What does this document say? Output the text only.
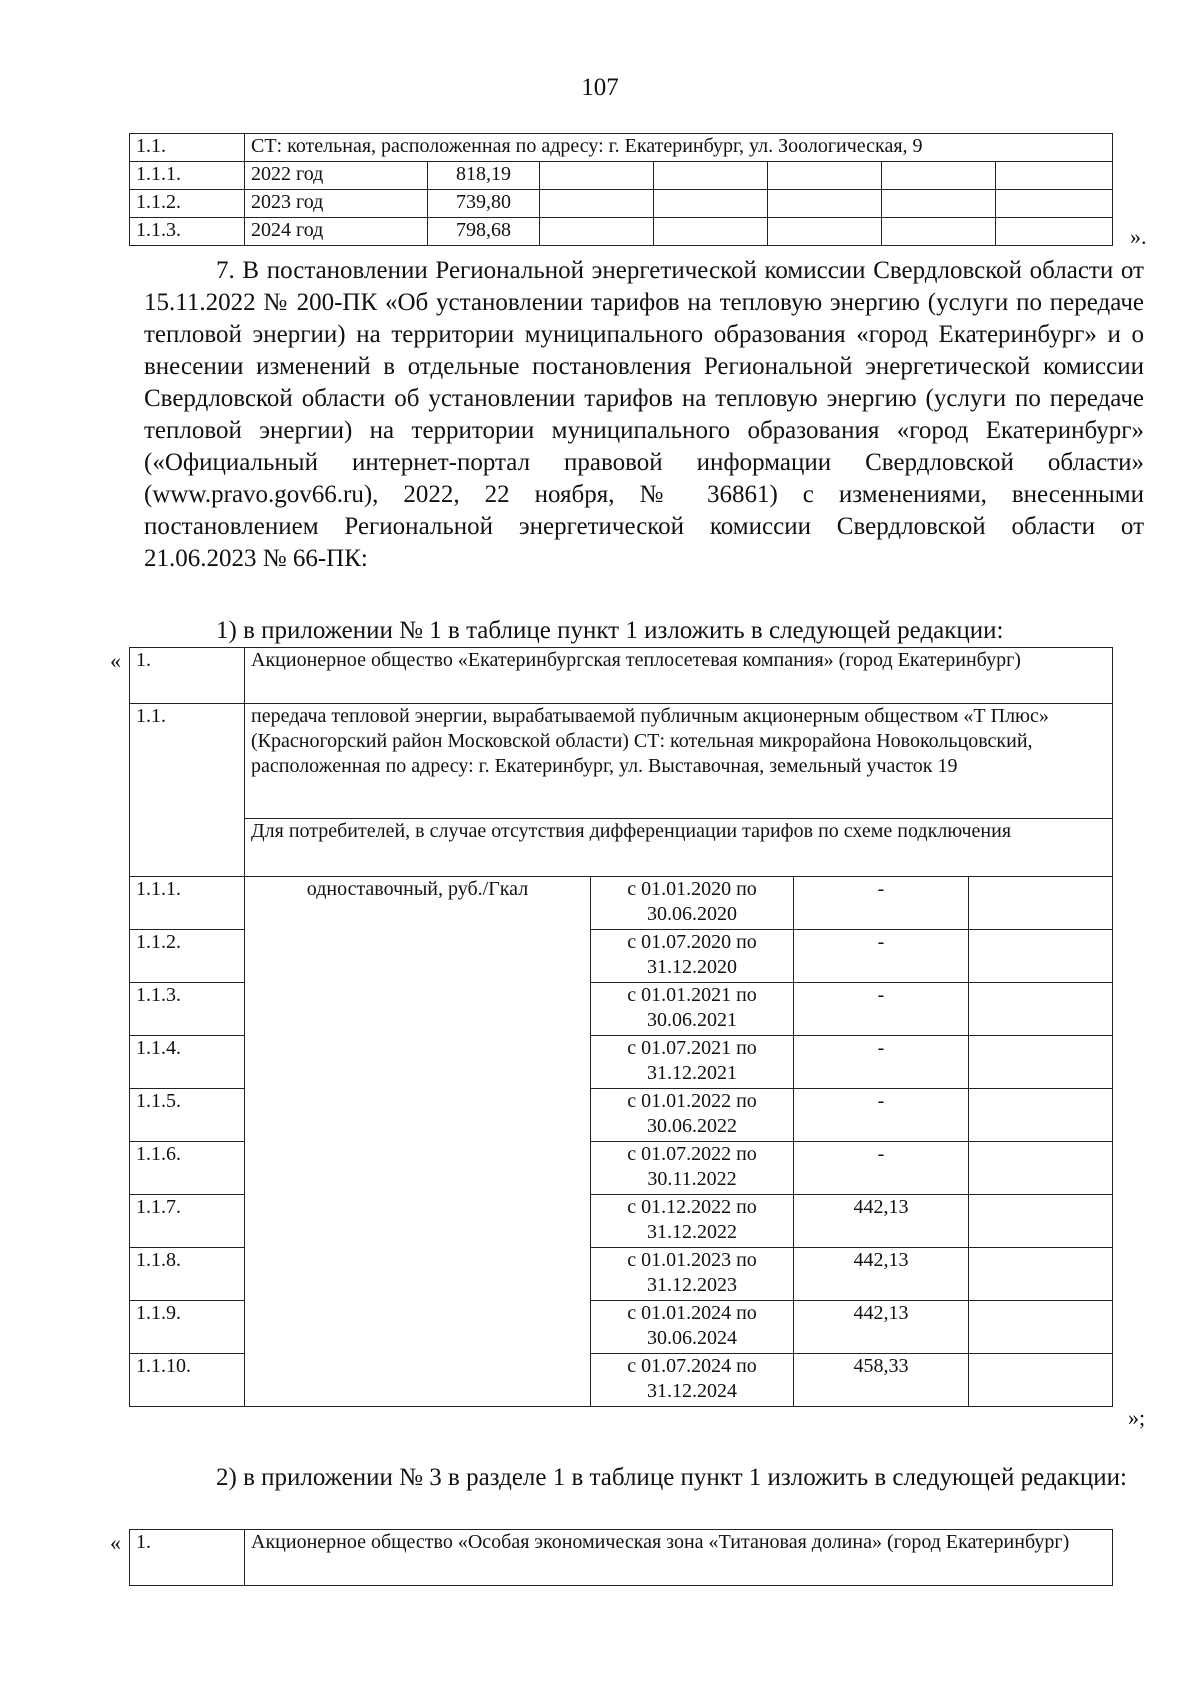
107
1.1.	СТ: котельная, расположенная по адресу: г. Екатеринбург, ул. Зоологическая, 9						
1.1.1.	2022 год	818,19					
1.1.2.	2023 год	739,80					
1.1.3.	2024 год	798,68						».
7. В постановлении Региональной энергетической комиссии Свердловской области от 15.11.2022 № 200-ПК «Об установлении тарифов на тепловую энергию (услуги по передаче тепловой энергии) на территории муниципального образования «город Екатеринбург» и о внесении изменений в отдельные постановления Региональной энергетической комиссии Свердловской области об установлении тарифов на тепловую энергию (услуги по передаче тепловой энергии) на территории муниципального образования «город Екатеринбург» («Официальный интернет-портал правовой информации Свердловской области» (www.pravo.gov66.ru), 2022, 22 ноября, № 36861) с изменениями, внесенными постановлением Региональной энергетической комиссии Свердловской области от 21.06.2023 № 66-ПК:
1) в приложении № 1 в таблице пункт 1 изложить в следующей редакции:
« 1.	Акционерное общество «Екатеринбургская теплосетевая компания» (город Екатеринбург)			
1.1.	передача тепловой энергии, вырабатываемой публичным акционерным обществом «Т Плюс» (Красногорский район Московской области) СТ: котельная микрорайона Новокольцовский, расположенная по адресу: г. Екатеринбург, ул. Выставочная, земельный участок 19			
	Для потребителей, в случае отсутствия дифференциации тарифов по схеме подключения			
1.1.1.	одноставочный, руб./Гкал	с 01.01.2020 по 30.06.2020	-	
1.1.2.		с 01.07.2020 по 31.12.2020	-	
1.1.3.		с 01.01.2021 по 30.06.2021	-	
1.1.4.		с 01.07.2021 по 31.12.2021	-	
1.1.5.		с 01.01.2022 по 30.06.2022	-	
1.1.6.		с 01.07.2022 по 30.11.2022	-	
1.1.7.		с 01.12.2022 по 31.12.2022	442,13	
1.1.8.		с 01.01.2023 по 31.12.2023	442,13	
1.1.9.		с 01.01.2024 по 30.06.2024	442,13	
1.1.10.		с 01.07.2024 по 31.12.2024	458,33	
»;
2) в приложении № 3 в разделе 1 в таблице пункт 1 изложить в следующей редакции:
« 1.	Акционерное общество «Особая экономическая зона «Титановая долина» (город Екатеринбург)
